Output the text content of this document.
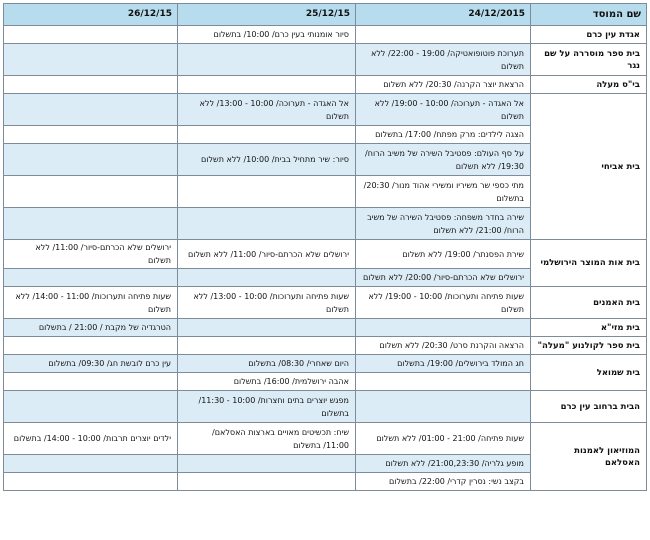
שם המוסד	24/12/2015	25/12/15	26/12/15
אגדת עין כרם		סיור אומנותי בעין כרם/ 10:00/ בתשלום	
בית ספר מוסררה על שם נגר	תערוכת פוטופואטיקה/ 19:00 - 22:00/ ללא תשלום		
בי"ס מעלה	הרצאת יוצר הקרנה/ 20:30/ ללא תשלום		
בית אביחי	אל האגדה - תערוכה/ 10:00 - 19:00/ ללא תשלום	אל האגדה - תערוכה/ 10:00 - 13:00/ ללא תשלום	
	הצגה לילדים: מרק מפתח/ 17:00/ בתשלום		
	על סף העולם: פסטיבל השירה של משיב הרוח/ 19:30/ ללא תשלום	סיור: שיר מתחיל בבית/ 10:00/ ללא תשלום	
	מתי כספי שר משיריו ומשירי אהוד מנור/ 20:30/ בתשלום		
	שירה בחדר משפחה: פסטיבל השירה של משיב הרוח/ 21:00/ ללא תשלום		
בית אות המוצר הירושלמי	שירת הפסנתר/ 19:00/ ללא תשלום	ירושלים שלא הכרתם-סיור/ 11:00/ ללא תשלום	ירושלים שלא הכרתם-סיור/ 11:00/ ללא תשלום
	ירושלים שלא הכרתם-סיור/ 20:00/ ללא תשלום		
בית האמנים	שעות פתיחה ותערוכות/ 10:00 - 19:00/ ללא תשלום	שעות פתיחה ותערוכות/ 10:00 - 13:00/ ללא תשלום	שעות פתיחה ותערוכות/ 11:00 - 14:00/ ללא תשלום
בית מזי"א			הטרגדיה של מקבת / 21:00 / בתשלום
בית ספר לקולנוע "מעלה"	הרצאה והקרנת סרט/ 20:30/ ללא תשלום		
בית שמואל	חג המולד בירושלים/ 19:00/ בתשלום	היום שאחרי/ 08:30/ בתשלום	עין כרם לובשת חג/ 09:30/ בתשלום
		אהבה ירושלמית/ 16:00/ בתשלום	
הבית ברחוב עין כרם		מפגש יוצרים בתים וחצרות/ 10:00 - 11:30/ בתשלום	
המוזיאון לאמנות האסלאם	שעות פתיחה/ 21:00 - 01:00/ ללא תשלום	שיח: תכשיטים מאויים בארצות האסלאם/ 11:00/ בתשלום	ילדים יוצרים תרבות/ 10:00 - 14:00/ בתשלום
	מופע גלריה/ 21:00,23:30/ ללא תשלום		
	בקצב נשי: נסרין קדרי/ 22:00/ בתשלום		
